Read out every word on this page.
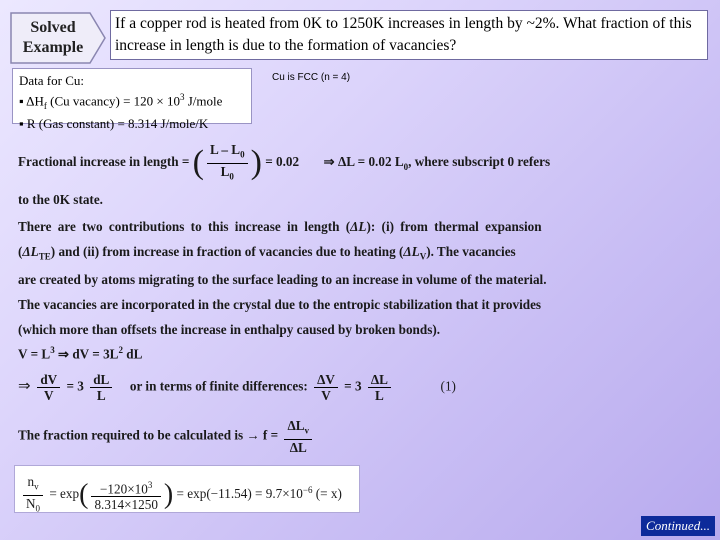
Solved
Example
If a copper rod is heated from 0K to 1250K increases in length by ~2%. What fraction of this increase in length is due to the formation of vacancies?
Data for Cu:
▪ $\Delta H_f$ (Cu vacancy) = $120 \times 10^3$ J/mole
▪ R (Gas constant) = 8.314 J/mole/K
Cu is FCC (n = 4)
Fractional increase in length = ( $\frac{L - L_0}{L_0}$ ) = 0.02 ⇒ ΔL = 0.02 $L_0$, where subscript 0 refers
to the 0K state.
There are two contributions to this increase in length (ΔL): (i) from thermal expansion
$(\Delta L_{TE})$ and (ii) from increase in fraction of vacancies due to heating $(\Delta L_V)$. The vacancies
are created by atoms migrating to the surface leading to an increase in volume of the material.
The vacancies are incorporated in the crystal due to the entropic stabilization that it provides
(which more than offsets the increase in enthalpy caused by broken bonds).
$V = L^3$ ⇒ dV = $3L^2$ dL
⇒ $\frac{dV}{V} = 3 \frac{dL}{L}$ or in terms of finite differences: $\frac{\Delta V}{V} = 3 \frac{\Delta L}{L}$	(1)
The fraction required to be calculated is → $f = \frac{\Delta L_v}{\Delta L}$
$\frac{n_v}{N_0} = \exp( \frac{-120\times 10^3}{8.314\times 1250}$ ) = $\exp(-11.54) = 9.7\times 10^{-6}$ (= x)
Continued...
